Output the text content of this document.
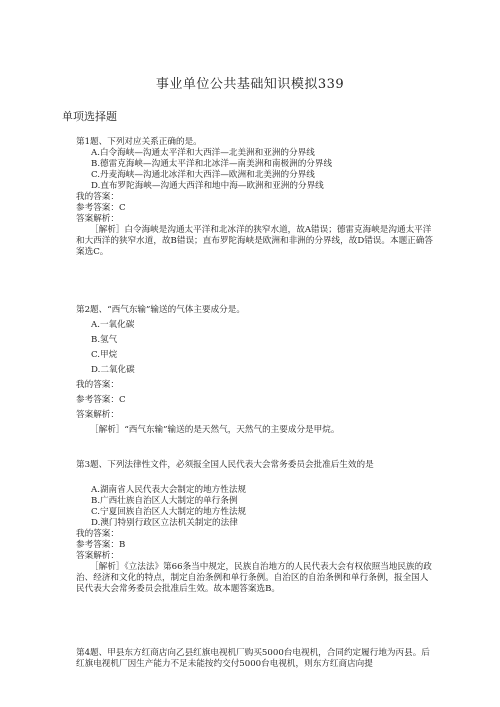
事业单位公共基础知识模拟339
单项选择题
第1题、下列对应关系正确的是。
A.白令海峡—沟通太平洋和大西洋—北美洲和亚洲的分界线
B.德雷克海峡—沟通太平洋和北冰洋—南美洲和南极洲的分界线
C.丹麦海峡—沟通北冰洋和大西洋—欧洲和北美洲的分界线
D.直布罗陀海峡—沟通大西洋和地中海—欧洲和亚洲的分界线
我的答案：
参考答案：C
答案解析：
［解析］白令海峡是沟通太平洋和北冰洋的狭窄水道，故A错误；德雷克海峡是沟通太平洋和大西洋的狭窄水道，故B错误；直布罗陀海峡是欧洲和非洲的分界线，故D错误。本题正确答案选C。
第2题、“西气东输”输送的气体主要成分是。
A.一氧化碳
B.氢气
C.甲烷
D.二氧化碳
我的答案：
参考答案：C
答案解析：
［解析］“西气东输”输送的是天然气，天然气的主要成分是甲烷。
第3题、下列法律性文件，必须报全国人民代表大会常务委员会批准后生效的是
A.湖南省人民代表大会制定的地方性法规
B.广西壮族自治区人大制定的单行条例
C.宁夏回族自治区人大制定的地方性法规
D.澳门特别行政区立法机关制定的法律
我的答案：
参考答案：B
答案解析：
［解析］《立法法》第66条当中规定，民族自治地方的人民代表大会有权依照当地民族的政治、经济和文化的特点，制定自治条例和单行条例。自治区的自治条例和单行条例，报全国人民代表大会常务委员会批准后生效。故本题答案选B。
第4题、甲县东方红商店向乙县红旗电视机厂购买5000台电视机，合同约定履行地为丙县。后红旗电视机厂因生产能力不足未能按约交付5000台电视机，则东方红商店向提
